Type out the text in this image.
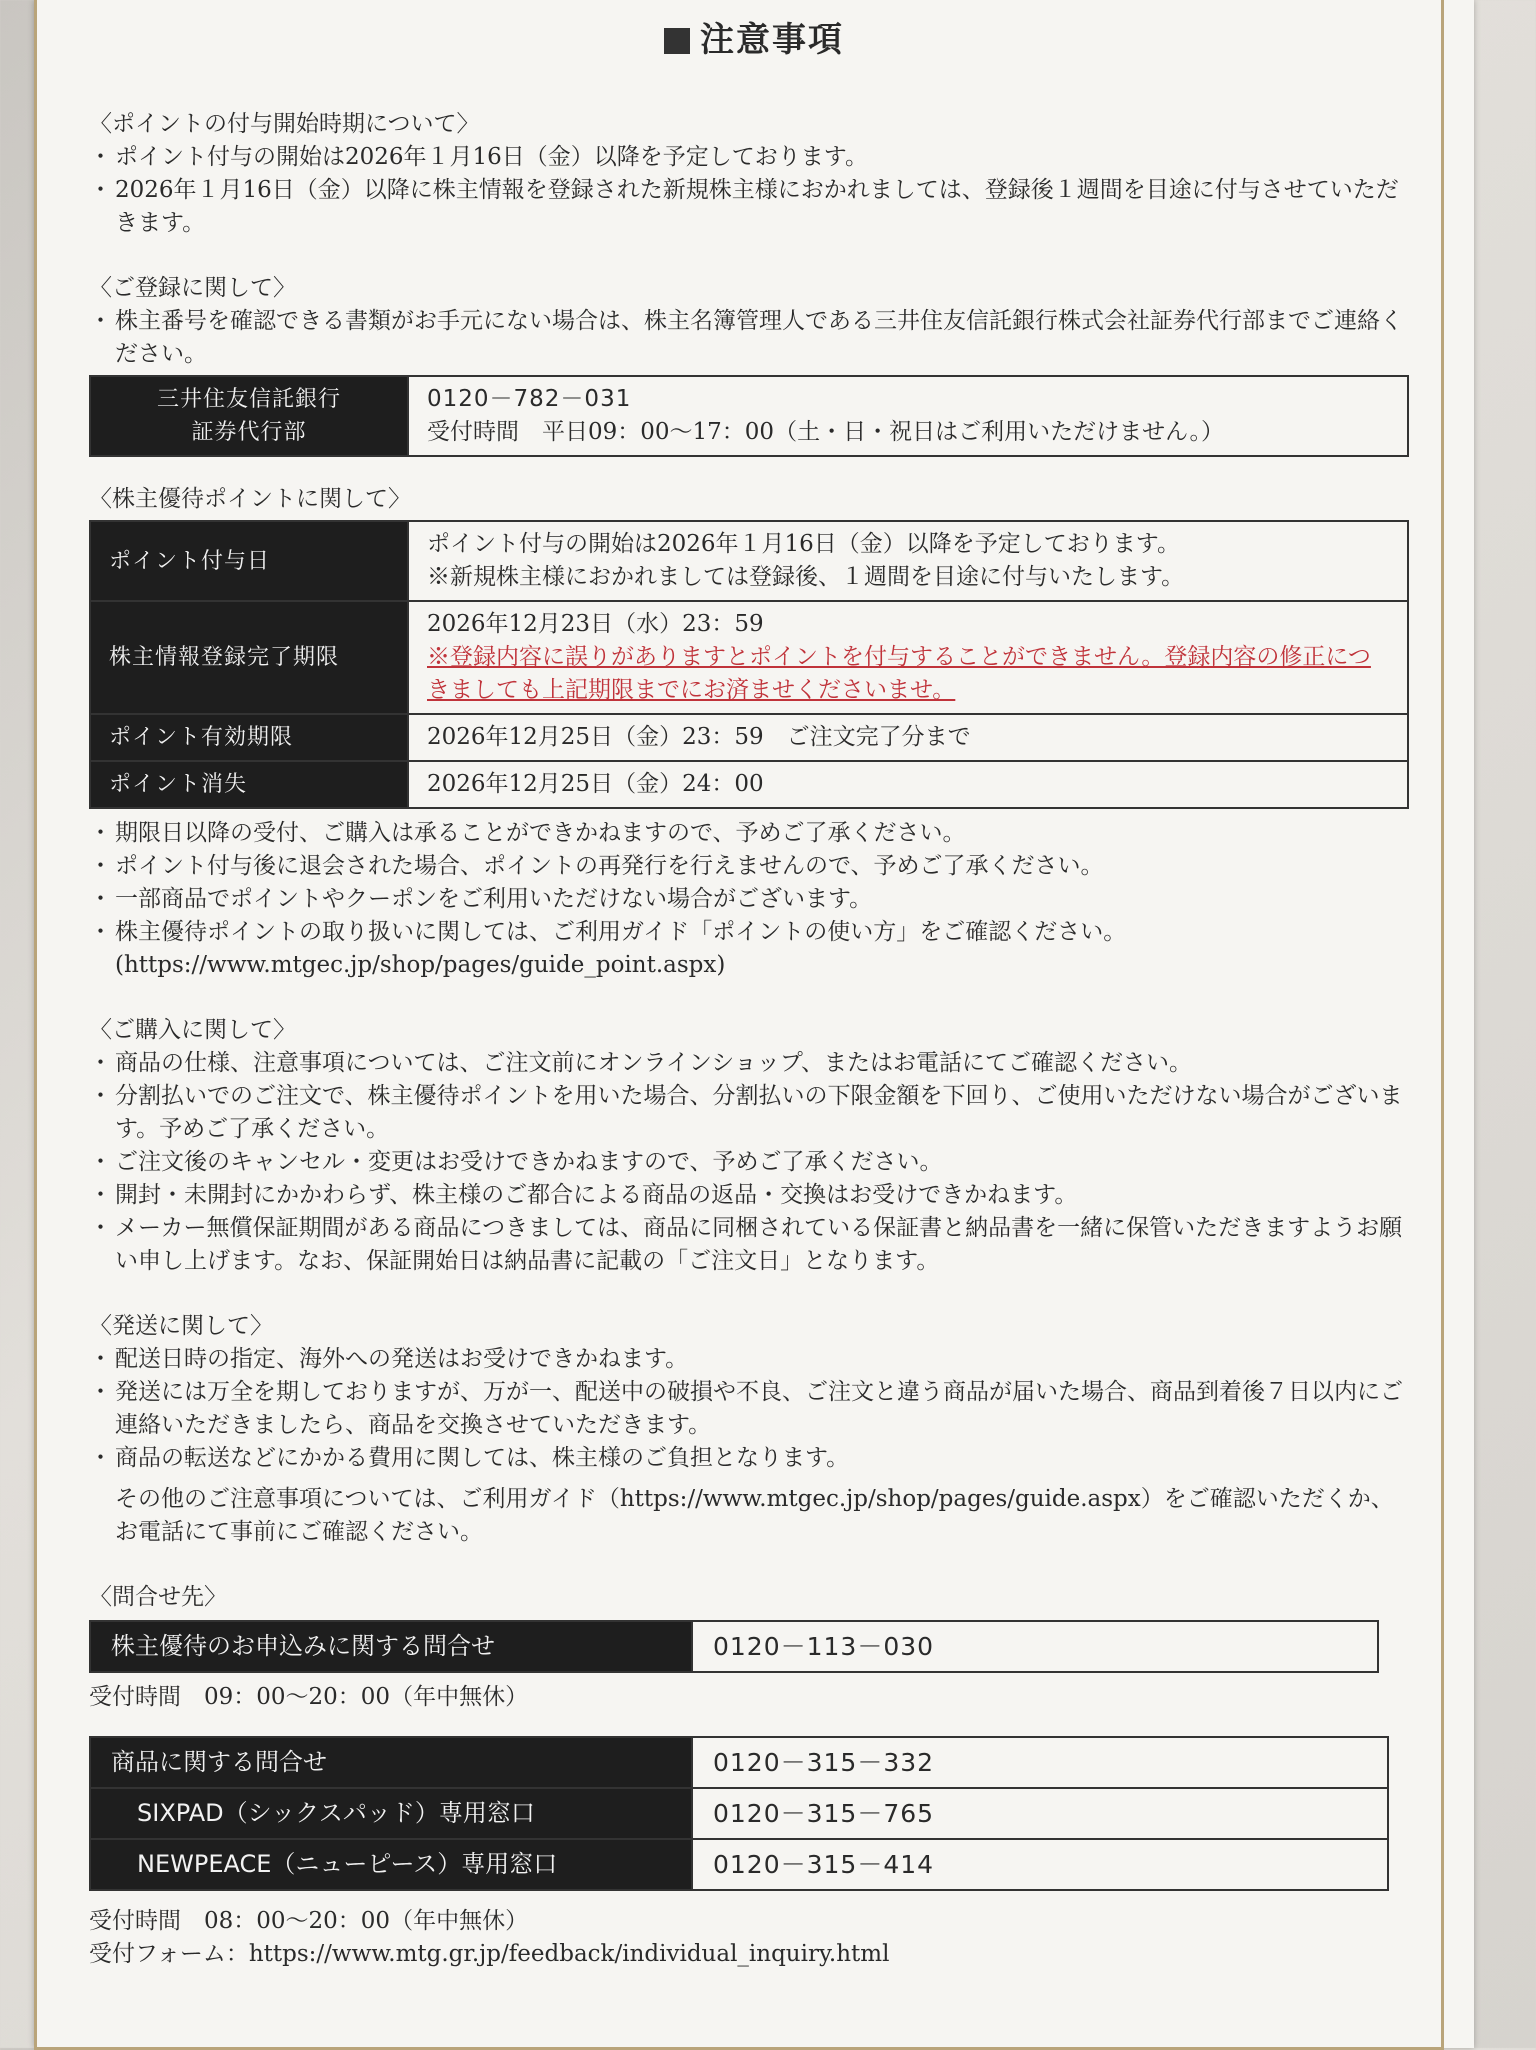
注意事項
〈ポイントの付与開始時期について〉
・ ポイント付与の開始は2026年１月16日（金）以降を予定しております。
・ 2026年１月16日（金）以降に株主情報を登録された新規株主様におかれましては、登録後１週間を目途に付与させていただきます。
〈ご登録に関して〉
・ 株主番号を確認できる書類がお手元にない場合は、株主名簿管理人である三井住友信託銀行株式会社証券代行部までご連絡ください。
三井住友信託銀行
証券代行部

0120－782－031
受付時間　平日09：00～17：00（土・日・祝日はご利用いただけません。）
〈株主優待ポイントに関して〉
ポイント付与日	ポイント付与の開始は2026年１月16日（金）以降を予定しております。
※新規株主様におかれましては登録後、１週間を目途に付与いたします。

株主情報登録完了期限	2026年12月23日（水）23：59
※登録内容に誤りがありますとポイントを付与することができません。登録内容の修正につきましても上記期限までにお済ませくださいませ。

ポイント有効期限	2026年12月25日（金）23：59　ご注文完了分まで
ポイント消失	2026年12月25日（金）24：00
・ 期限日以降の受付、ご購入は承ることができかねますので、予めご了承ください。
・ ポイント付与後に退会された場合、ポイントの再発行を行えませんので、予めご了承ください。
・ 一部商品でポイントやクーポンをご利用いただけない場合がございます。
・ 株主優待ポイントの取り扱いに関しては、ご利用ガイド「ポイントの使い方」をご確認ください。
(https://www.mtgec.jp/shop/pages/guide_point.aspx)
〈ご購入に関して〉
・ 商品の仕様、注意事項については、ご注文前にオンラインショップ、またはお電話にてご確認ください。
・ 分割払いでのご注文で、株主優待ポイントを用いた場合、分割払いの下限金額を下回り、ご使用いただけない場合がございます。予めご了承ください。
・ ご注文後のキャンセル・変更はお受けできかねますので、予めご了承ください。
・ 開封・未開封にかかわらず、株主様のご都合による商品の返品・交換はお受けできかねます。
・ メーカー無償保証期間がある商品につきましては、商品に同梱されている保証書と納品書を一緒に保管いただきますようお願い申し上げます。なお、保証開始日は納品書に記載の「ご注文日」となります。
〈発送に関して〉
・ 配送日時の指定、海外への発送はお受けできかねます。
・ 発送には万全を期しておりますが、万が一、配送中の破損や不良、ご注文と違う商品が届いた場合、商品到着後７日以内にご連絡いただきましたら、商品を交換させていただきます。
・ 商品の転送などにかかる費用に関しては、株主様のご負担となります。
その他のご注意事項については、ご利用ガイド（https://www.mtgec.jp/shop/pages/guide.aspx）をご確認いただくか、お電話にて事前にご確認ください。
〈問合せ先〉
株主優待のお申込みに関する問合せ	0120－113－030
受付時間　09：00～20：00（年中無休）
商品に関する問合せ	0120－315－332
SIXPAD（シックスパッド）専用窓口	0120－315－765
NEWPEACE（ニューピース）専用窓口	0120－315－414
受付時間　08：00～20：00（年中無休）
受付フォーム：https://www.mtg.gr.jp/feedback/individual_inquiry.html
